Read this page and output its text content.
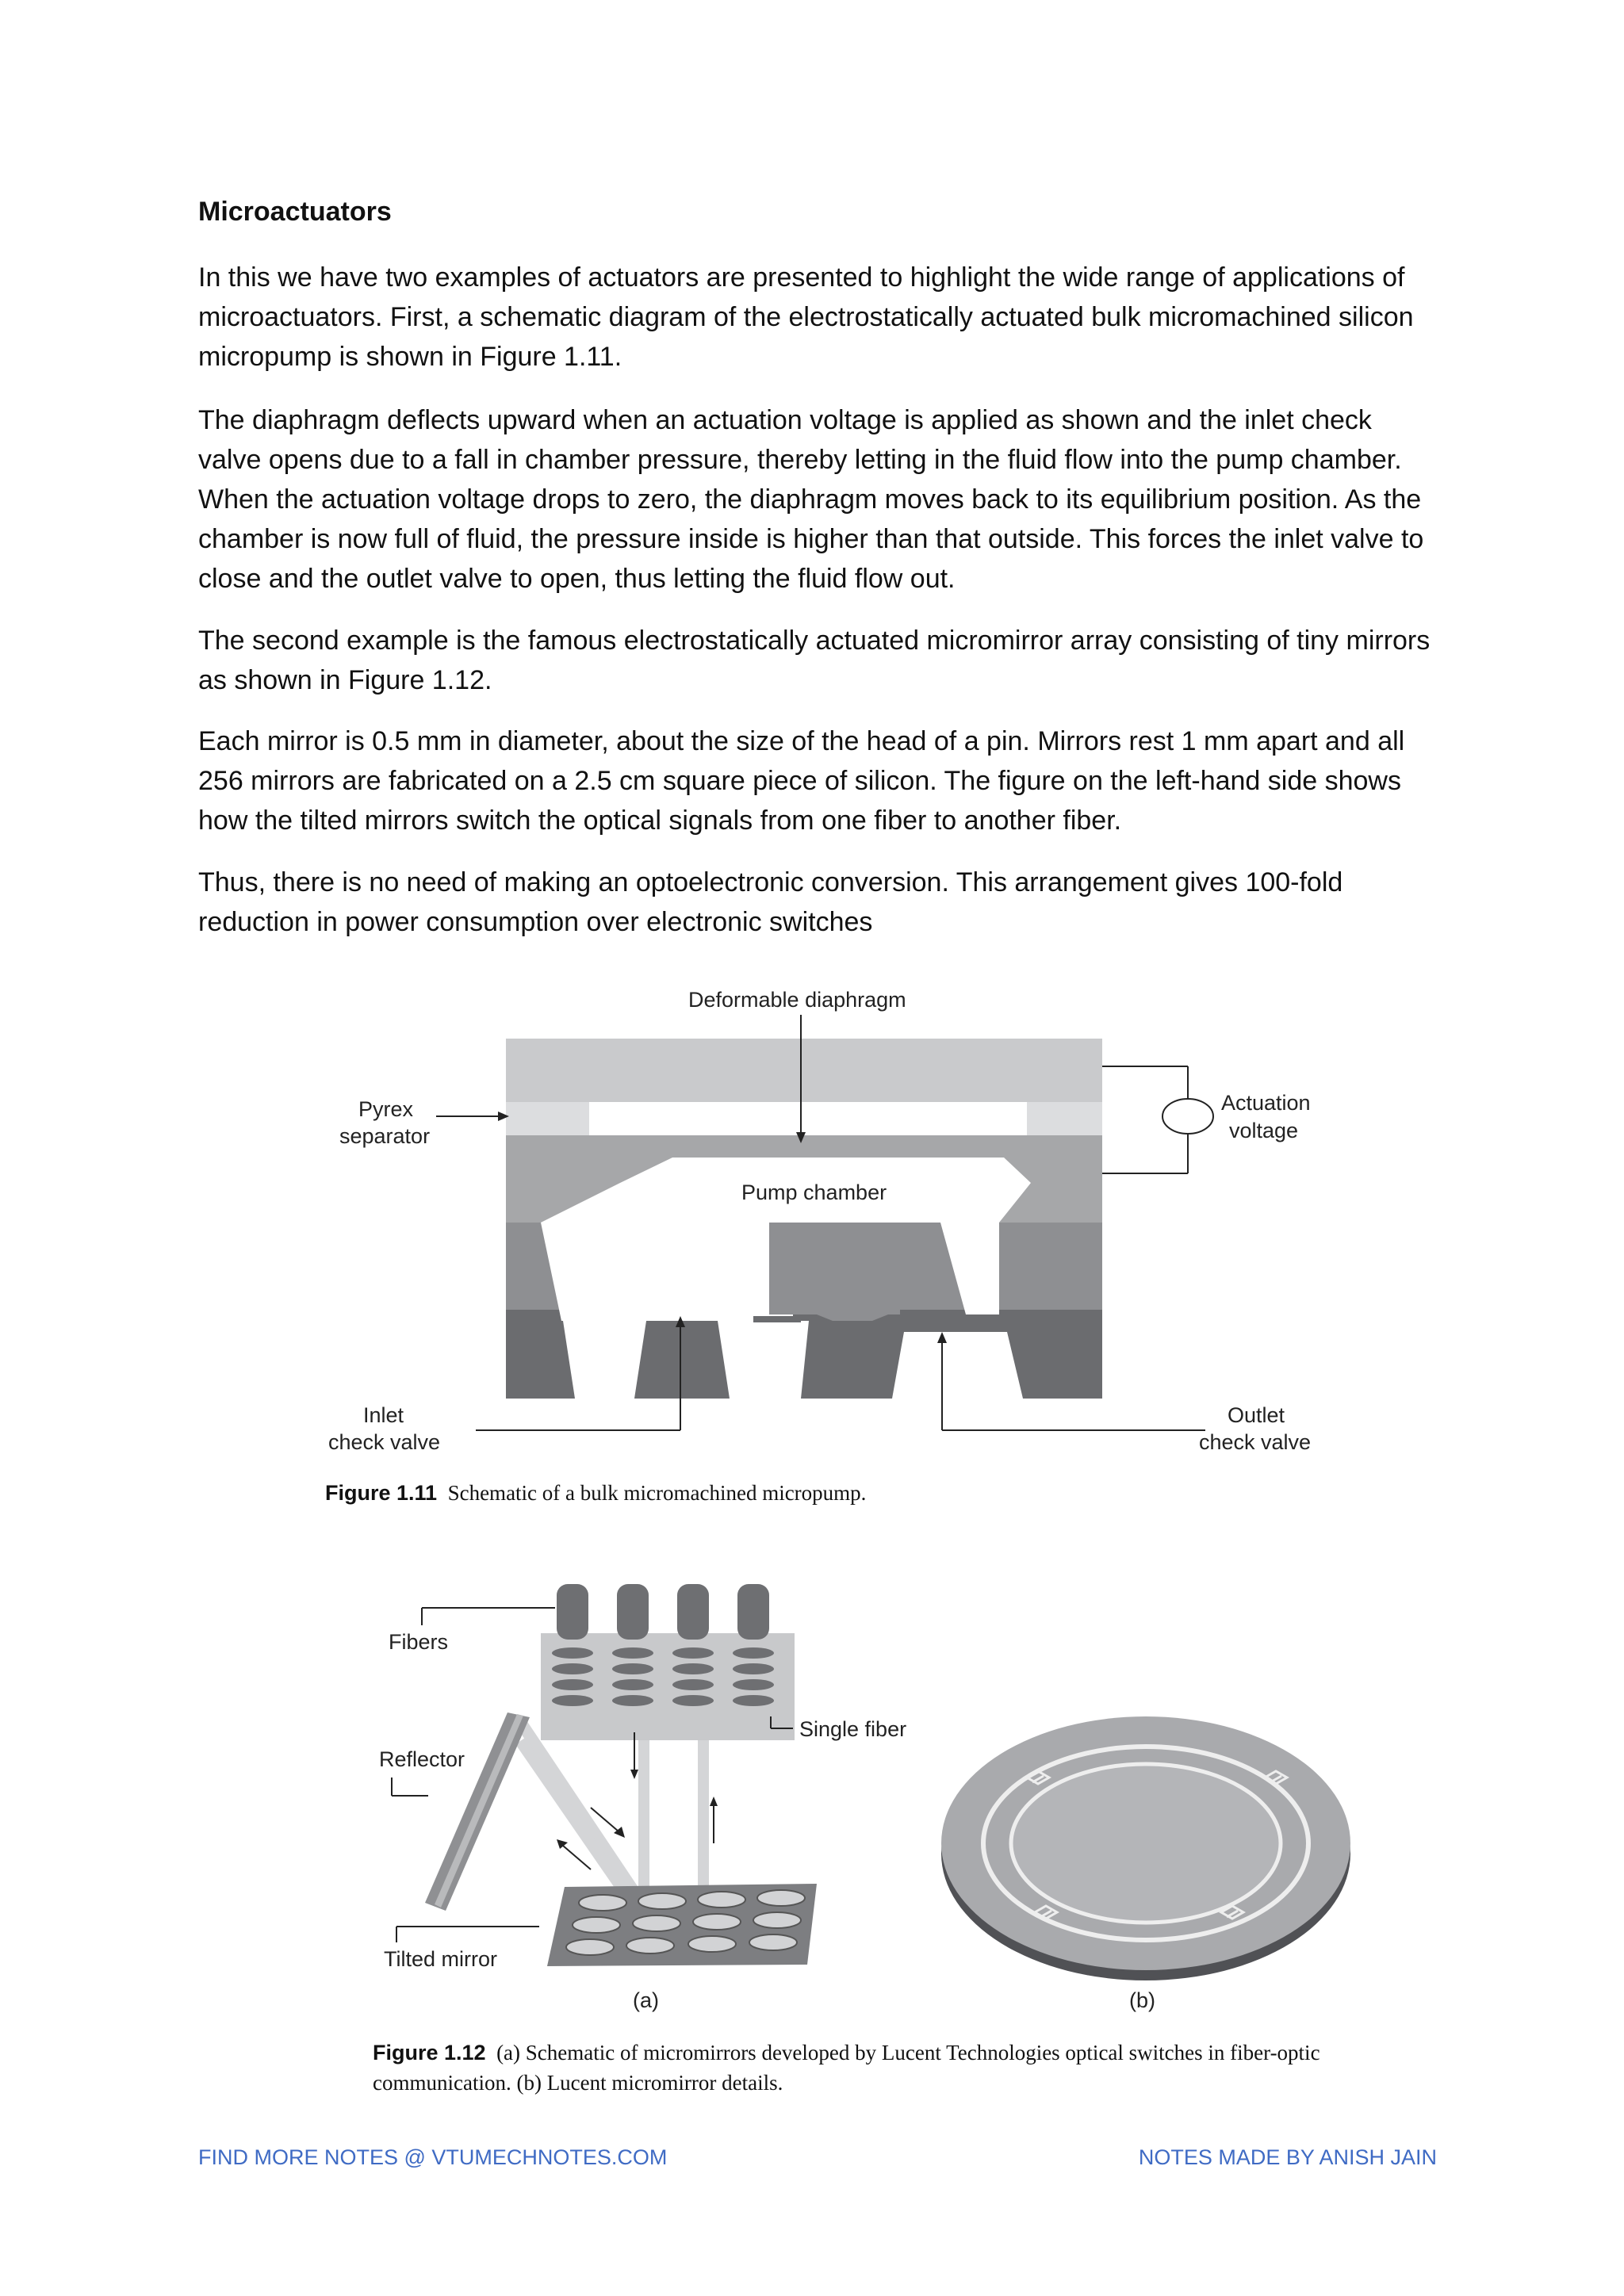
Microactuators

In this we have two examples of actuators are presented to highlight the wide range of applications of microactuators. First, a schematic diagram of the electrostatically actuated bulk micromachined silicon micropump is shown in Figure 1.11.

The diaphragm deflects upward when an actuation voltage is applied as shown and the inlet check valve opens due to a fall in chamber pressure, thereby letting in the fluid flow into the pump chamber. When the actuation voltage drops to zero, the diaphragm moves back to its equilibrium position. As the chamber is now full of fluid, the pressure inside is higher than that outside. This forces the inlet valve to close and the outlet valve to open, thus letting the fluid flow out.

The second example is the famous electrostatically actuated micromirror array consisting of tiny mirrors as shown in Figure 1.12.

Each mirror is 0.5 mm in diameter, about the size of the head of a pin. Mirrors rest 1 mm apart and all 256 mirrors are fabricated on a 2.5 cm square piece of silicon. The figure on the left-hand side shows how the tilted mirrors switch the optical signals from one fiber to another fiber.

Thus, there is no need of making an optoelectronic conversion. This arrangement gives 100-fold reduction in power consumption over electronic switches

Pump chamber
Deformable diaphragm
Pyrex
separator
Actuation
voltage
Inlet
check valve
Outlet
check valve
Figure 1.11 Schematic of a bulk micromachined micropump.
Fibers
Single fiber
Reflector
Tilted mirror
(a)	(b)
Figure 1.12 (a) Schematic of micromirrors developed by Lucent Technologies optical switches in fiber-optic communication. (b) Lucent micromirror details.
FIND MORE NOTES @ VTUMECHNOTES.COM	NOTES MADE BY ANISH JAIN
